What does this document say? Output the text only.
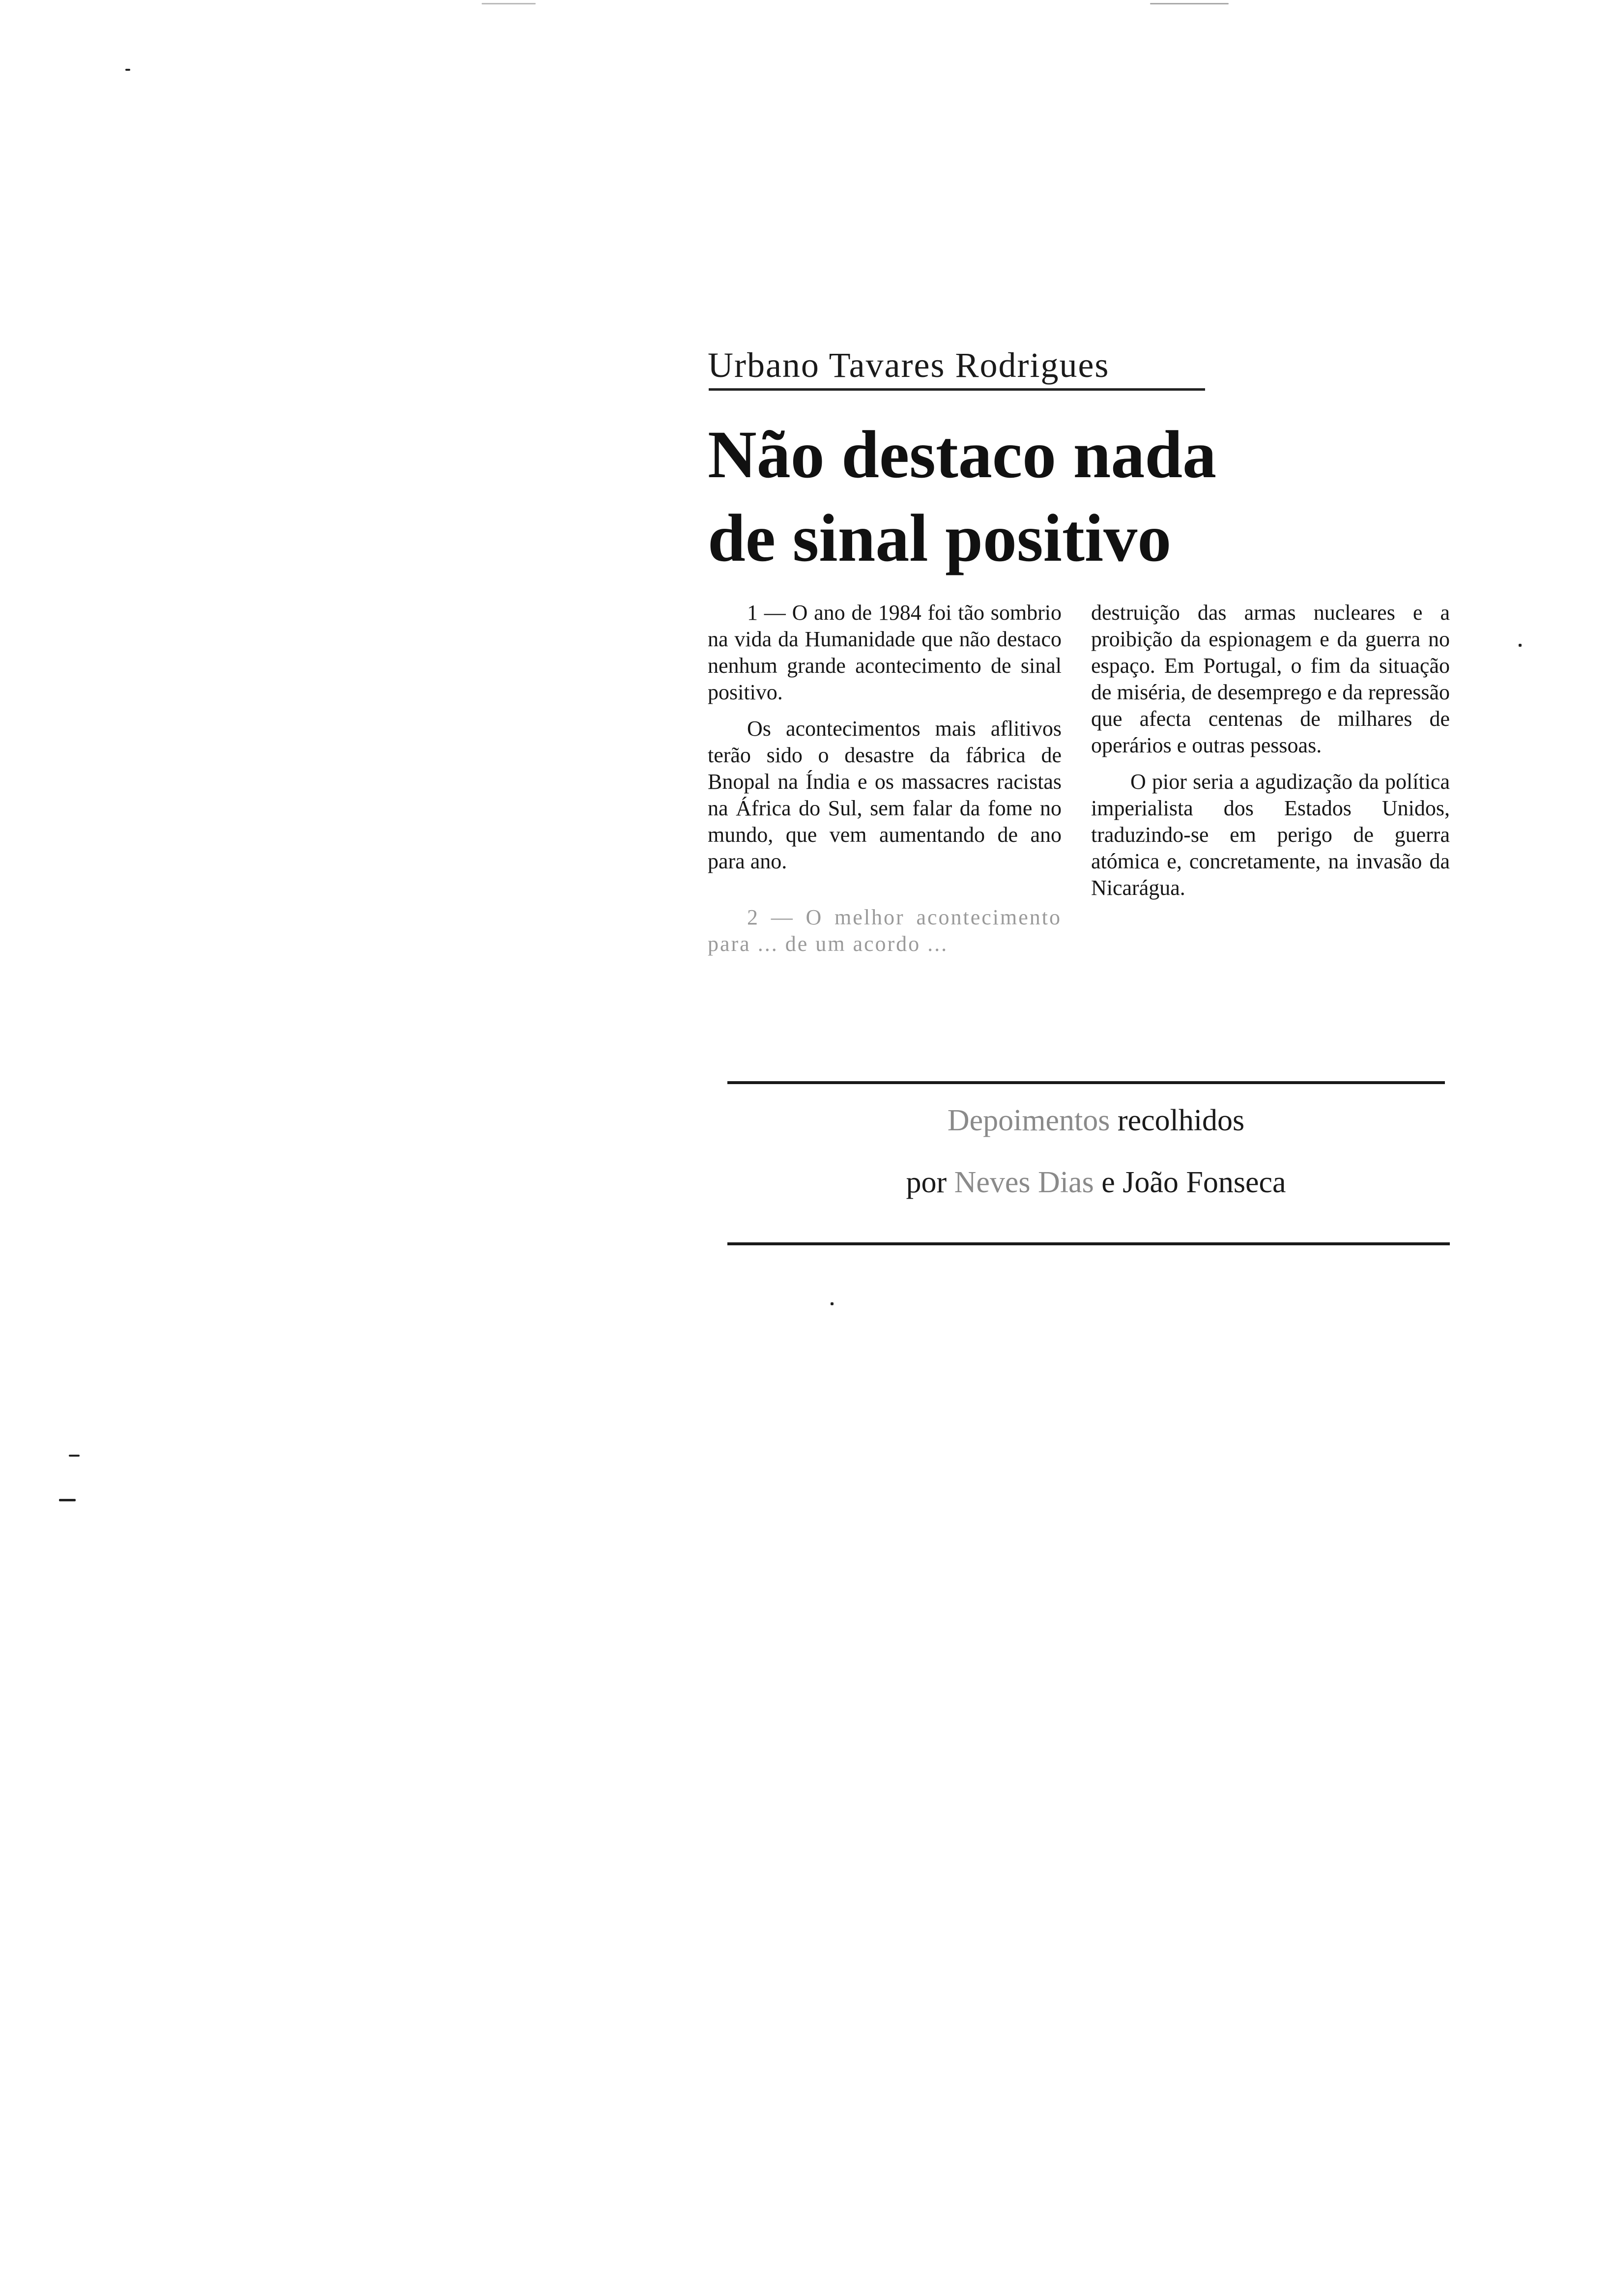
Urbano Tavares Rodrigues
Não destaco nada
de sinal positivo

1 — O ano de 1984 foi tão sombrio na vida da Humanidade que não destaco nenhum grande acontecimento de sinal positivo.

Os acontecimentos mais aflitivos terão sido o desastre da fábrica de Bnopal na Índia e os massacres racistas na África do Sul, sem falar da fome no mundo, que vem aumentando de ano para ano.

2 — O melhor acontecimento para ... de um acordo ...

destruição das armas nucleares e a proibição da espionagem e da guerra no espaço. Em Portugal, o fim da situação de miséria, de desemprego e da repressão que afecta centenas de milhares de operários e outras pessoas.

O pior seria a agudização da política imperialista dos Estados Unidos, traduzindo-se em perigo de guerra atómica e, concretamente, na invasão da Nicarágua.

Depoimentos recolhidos
por Neves Dias e João Fonseca
